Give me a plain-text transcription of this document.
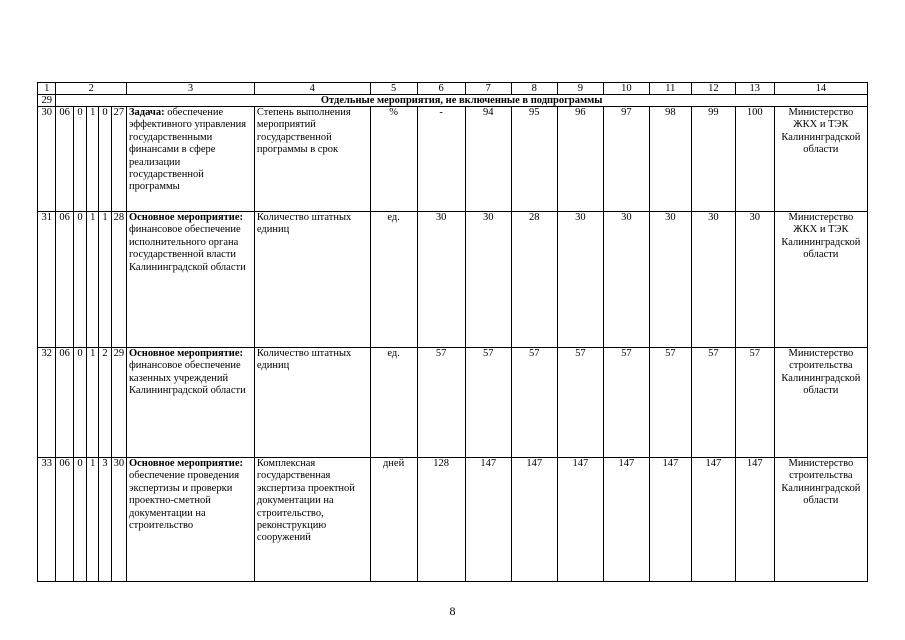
1	2					3	4	5	6	7	8	9	10	11	12	13	14
29	Отдельные мероприятия, не включенные в подпрограммы																
30	06	0	1	0	27	Задача: обеспечение эффективного управления государственными финансами в сфере реализации государственной программы	Степень выполнения мероприятий государственной программы в срок	%	-	94	95	96	97	98	99	100	Министерство ЖКХ и ТЭК Калининградской области
31	06	0	1	1	28	Основное мероприятие: финансовое обеспечение исполнительного органа государственной власти Калининградской области	Количество штатных единиц	ед.	30	30	28	30	30	30	30	30	Министерство ЖКХ и ТЭК Калининградской области
32	06	0	1	2	29	Основное мероприятие: финансовое обеспечение казенных учреждений Калининградской области	Количество штатных единиц	ед.	57	57	57	57	57	57	57	57	Министерство строительства Калининградской области
33	06	0	1	3	30	Основное мероприятие: обеспечение проведения экспертизы и проверки проектно-сметной документации на строительство	Комплексная государственная экспертиза проектной документации на строительство, реконструкцию сооружений	дней	128	147	147	147	147	147	147	147	Министерство строительства Калининградской области
8
